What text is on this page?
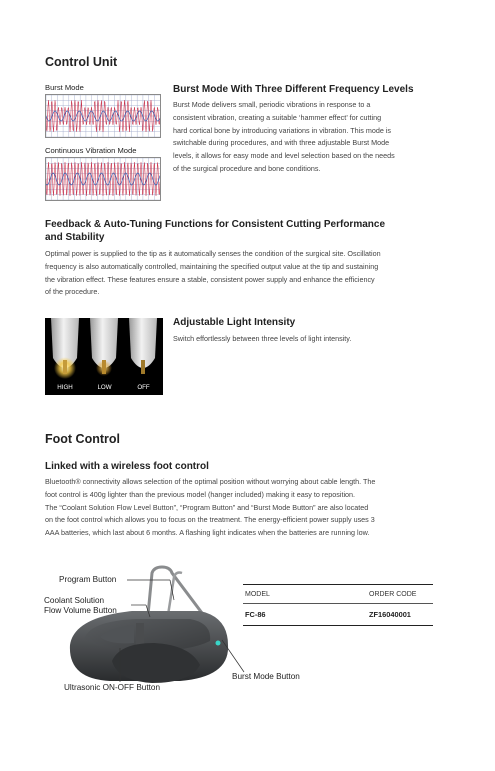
Control Unit
Burst Mode
Continuous Vibration Mode
Burst Mode With Three Different Frequency Levels
Burst Mode delivers small, periodic vibrations in response to a
consistent vibration, creating a suitable ‘hammer effect’ for cutting
hard cortical bone by introducing variations in vibration. This mode is
switchable during procedures, and with three adjustable Burst Mode
levels, it allows for easy mode and level selection based on the needs
of the surgical procedure and bone conditions.
Feedback & Auto-Tuning Functions for Consistent Cutting Performance
and Stability
Optimal power is supplied to the tip as it automatically senses the condition of the surgical site. Oscillation
frequency is also automatically controlled, maintaining the specified output value at the tip and sustaining
the vibration effect. These features ensure a stable, consistent power supply and enhance the efficiency
of the procedure.
HIGH	LOW	OFF
Adjustable Light Intensity
Switch effortlessly between three levels of light intensity.
Foot Control
Linked with a wireless foot control
Bluetooth® connectivity allows selection of the optimal position without worrying about cable length. The
foot control is 400g lighter than the previous model (hanger included) making it easy to reposition.
The “Coolant Solution Flow Level Button”, “Program Button” and “Burst Mode Button” are also located
on the foot control which allows you to focus on the treatment. The energy-efficient power supply uses 3
AAA batteries, which last about 6 months. A flashing light indicates when the batteries are running low.
Program Button
Coolant Solution
Flow Volume Button
Ultrasonic ON-OFF Button
Burst Mode Button
MODEL	ORDER CODE
FC-86	ZF16040001
